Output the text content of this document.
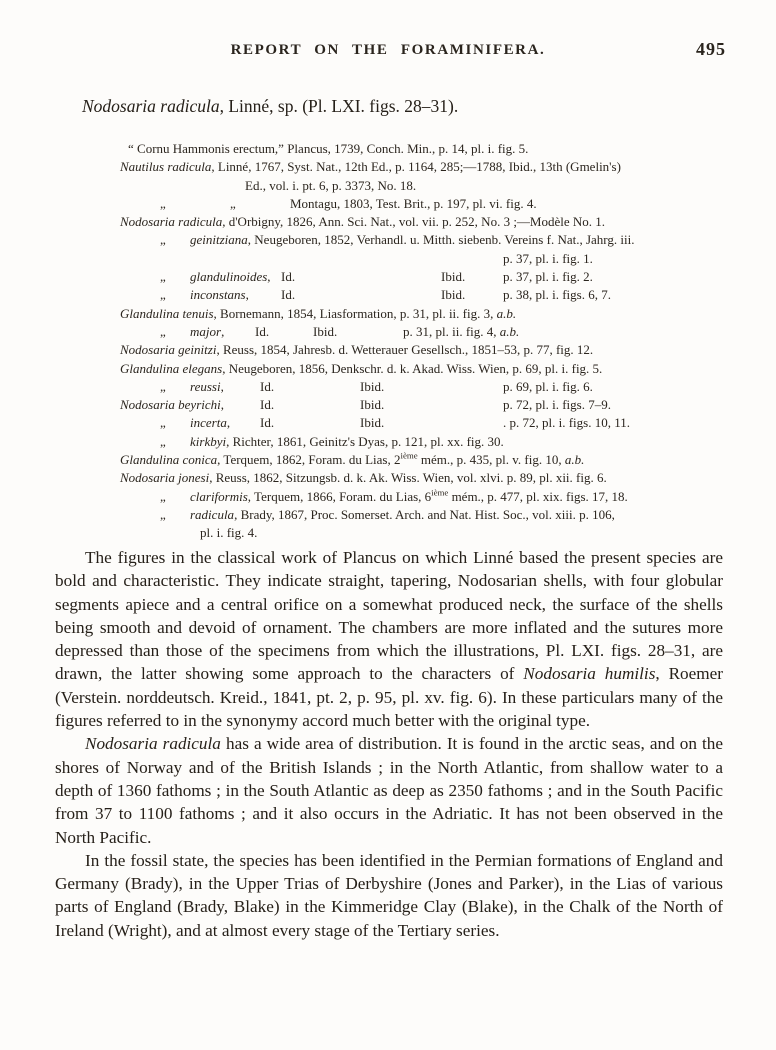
REPORT ON THE FORAMINIFERA.	495
Nodosaria radicula, Linné, sp. (Pl. LXI. figs. 28–31).
“ Cornu Hammonis erectum,” Plancus, 1739, Conch. Min., p. 14, pl. i. fig. 5.
Nautilus radicula, Linné, 1767, Syst. Nat., 12th Ed., p. 1164, 285;—1788, Ibid., 13th (Gmelin's)
Ed., vol. i. pt. 6, p. 3373, No. 18.
„	„	Montagu, 1803, Test. Brit., p. 197, pl. vi. fig. 4.
Nodosaria radicula, d'Orbigny, 1826, Ann. Sci. Nat., vol. vii. p. 252, No. 3 ;—Modèle No. 1.
„ geinitziana, Neugeboren, 1852, Verhandl. u. Mitth. siebenb. Vereins f. Nat., Jahrg. iii.
p. 37, pl. i. fig. 1.
„ glandulinoides, Id.	Ibid.	p. 37, pl. i. fig. 2.
„ inconstans, Id.	Ibid.	p. 38, pl. i. figs. 6, 7.
Glandulina tenuis, Bornemann, 1854, Liasformation, p. 31, pl. ii. fig. 3, a.b.
„ major, Id.	Ibid.	p. 31, pl. ii. fig. 4, a.b.
Nodosaria geinitzi, Reuss, 1854, Jahresb. d. Wetterauer Gesellsch., 1851–53, p. 77, fig. 12.
Glandulina elegans, Neugeboren, 1856, Denkschr. d. k. Akad. Wiss. Wien, p. 69, pl. i. fig. 5.
„ reussi,	Id.	Ibid.	p. 69, pl. i. fig. 6.
Nodosaria beyrichi,	Id.	Ibid.	p. 72, pl. i. figs. 7–9.
„ incerta, Id.	Ibid.	. p. 72, pl. i. figs. 10, 11.
„ kirkbyi, Richter, 1861, Geinitz's Dyas, p. 121, pl. xx. fig. 30.
Glandulina conica, Terquem, 1862, Foram. du Lias, 2ième mém., p. 435, pl. v. fig. 10, a.b.
Nodosaria jonesi, Reuss, 1862, Sitzungsb. d. k. Ak. Wiss. Wien, vol. xlvi. p. 89, pl. xii. fig. 6.
„ clariformis, Terquem, 1866, Foram. du Lias, 6ième mém., p. 477, pl. xix. figs. 17, 18.
„ radicula, Brady, 1867, Proc. Somerset. Arch. and Nat. Hist. Soc., vol. xiii. p. 106,
pl. i. fig. 4.

The figures in the classical work of Plancus on which Linné based the present species are bold and characteristic. They indicate straight, tapering, Nodosarian shells, with four globular segments apiece and a central orifice on a somewhat produced neck, the surface of the shells being smooth and devoid of ornament. The chambers are more inflated and the sutures more depressed than those of the specimens from which the illustrations, Pl. LXI. figs. 28–31, are drawn, the latter showing some approach to the characters of Nodosaria humilis, Roemer (Verstein. norddeutsch. Kreid., 1841, pt. 2, p. 95, pl. xv. fig. 6). In these particulars many of the figures referred to in the synonymy accord much better with the original type.

Nodosaria radicula has a wide area of distribution. It is found in the arctic seas, and on the shores of Norway and of the British Islands ; in the North Atlantic, from shallow water to a depth of 1360 fathoms ; in the South Atlantic as deep as 2350 fathoms ; and in the South Pacific from 37 to 1100 fathoms ; and it also occurs in the Adriatic. It has not been observed in the North Pacific.

In the fossil state, the species has been identified in the Permian formations of England and Germany (Brady), in the Upper Trias of Derbyshire (Jones and Parker), in the Lias of various parts of England (Brady, Blake) in the Kimmeridge Clay (Blake), in the Chalk of the North of Ireland (Wright), and at almost every stage of the Tertiary series.
